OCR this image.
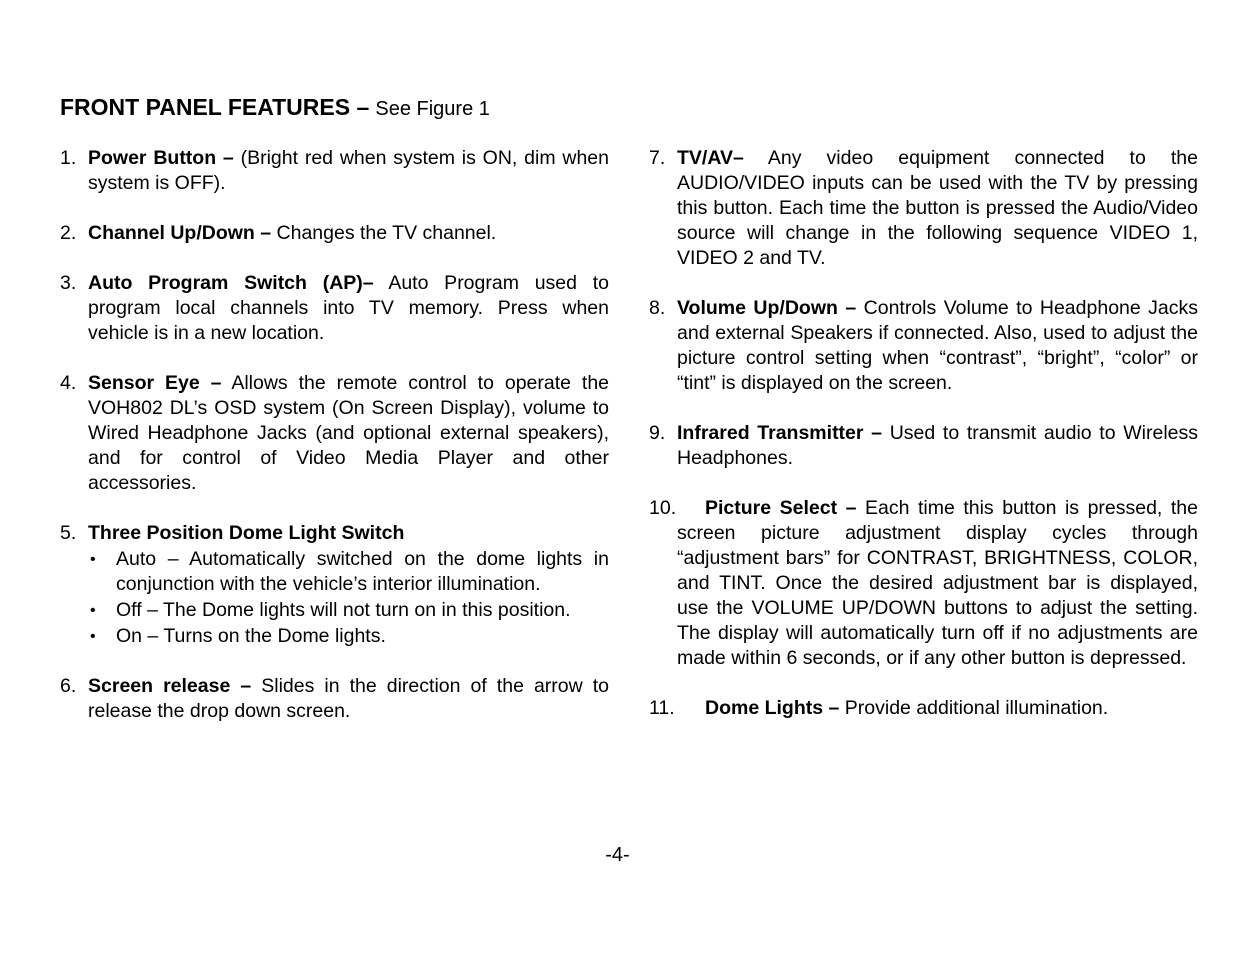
FRONT PANEL FEATURES – See Figure 1
1. Power Button – (Bright red when system is ON, dim when system is OFF).
2. Channel Up/Down – Changes the TV channel.
3. Auto Program Switch (AP)– Auto Program used to program local channels into TV memory. Press when vehicle is in a new location.
4. Sensor Eye – Allows the remote control to operate the VOH802 DL’s OSD system (On Screen Display), volume to Wired Headphone Jacks (and optional external speakers), and for control of Video Media Player and other accessories.
5. Three Position Dome Light Switch
• Auto – Automatically switched on the dome lights in conjunction with the vehicle’s interior illumination.
• Off – The Dome lights will not turn on in this position.
• On – Turns on the Dome lights.
6. Screen release – Slides in the direction of the arrow to release the drop down screen.
7. TV/AV– Any video equipment connected to the AUDIO/VIDEO inputs can be used with the TV by pressing this button. Each time the button is pressed the Audio/Video source will change in the following sequence VIDEO 1, VIDEO 2 and TV.
8. Volume Up/Down – Controls Volume to Headphone Jacks and external Speakers if connected. Also, used to adjust the picture control setting when “contrast”, “bright”, “color” or “tint” is displayed on the screen.
9. Infrared Transmitter – Used to transmit audio to Wireless Headphones.
10. Picture Select – Each time this button is pressed, the screen picture adjustment display cycles through “adjustment bars” for CONTRAST, BRIGHTNESS, COLOR, and TINT. Once the desired adjustment bar is displayed, use the VOLUME UP/DOWN buttons to adjust the setting. The display will automatically turn off if no adjustments are made within 6 seconds, or if any other button is depressed.
11. Dome Lights – Provide additional illumination.
-4-
